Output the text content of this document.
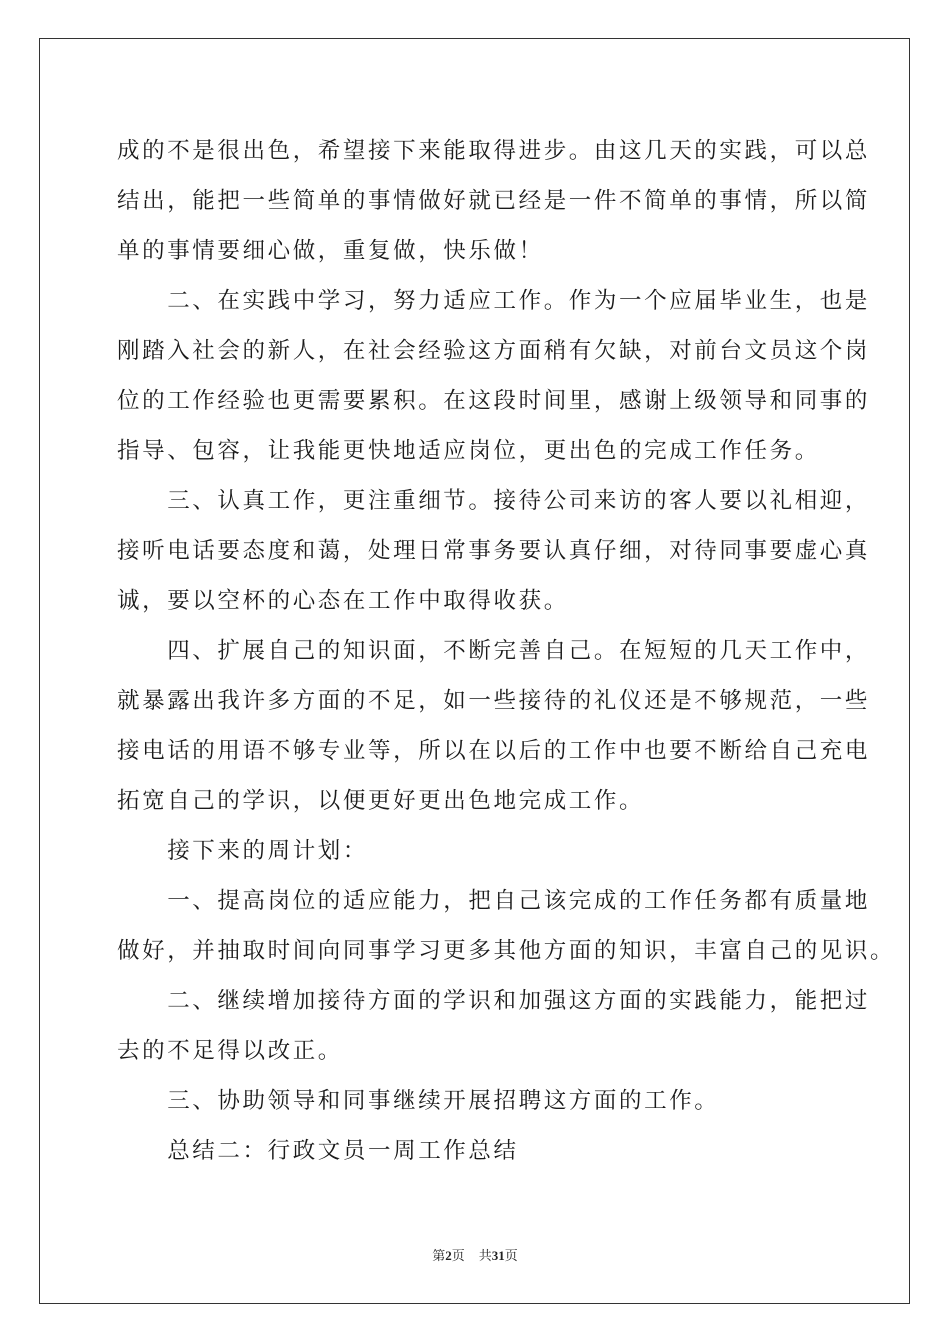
成的不是很出色，希望接下来能取得进步。由这几天的实践，可以总
结出，能把一些简单的事情做好就已经是一件不简单的事情，所以简
单的事情要细心做，重复做，快乐做！
　　二、在实践中学习，努力适应工作。作为一个应届毕业生，也是
刚踏入社会的新人，在社会经验这方面稍有欠缺，对前台文员这个岗
位的工作经验也更需要累积。在这段时间里，感谢上级领导和同事的
指导、包容，让我能更快地适应岗位，更出色的完成工作任务。
　　三、认真工作，更注重细节。接待公司来访的客人要以礼相迎，
接听电话要态度和蔼，处理日常事务要认真仔细，对待同事要虚心真
诚，要以空杯的心态在工作中取得收获。
　　四、扩展自己的知识面，不断完善自己。在短短的几天工作中，
就暴露出我许多方面的不足，如一些接待的礼仪还是不够规范，一些
接电话的用语不够专业等，所以在以后的工作中也要不断给自己充电
拓宽自己的学识，以便更好更出色地完成工作。
　　接下来的周计划：
　　一、提高岗位的适应能力，把自己该完成的工作任务都有质量地
做好，并抽取时间向同事学习更多其他方面的知识，丰富自己的见识。
　　二、继续增加接待方面的学识和加强这方面的实践能力，能把过
去的不足得以改正。
　　三、协助领导和同事继续开展招聘这方面的工作。
　　总结二：行政文员一周工作总结
第2页 共31页
